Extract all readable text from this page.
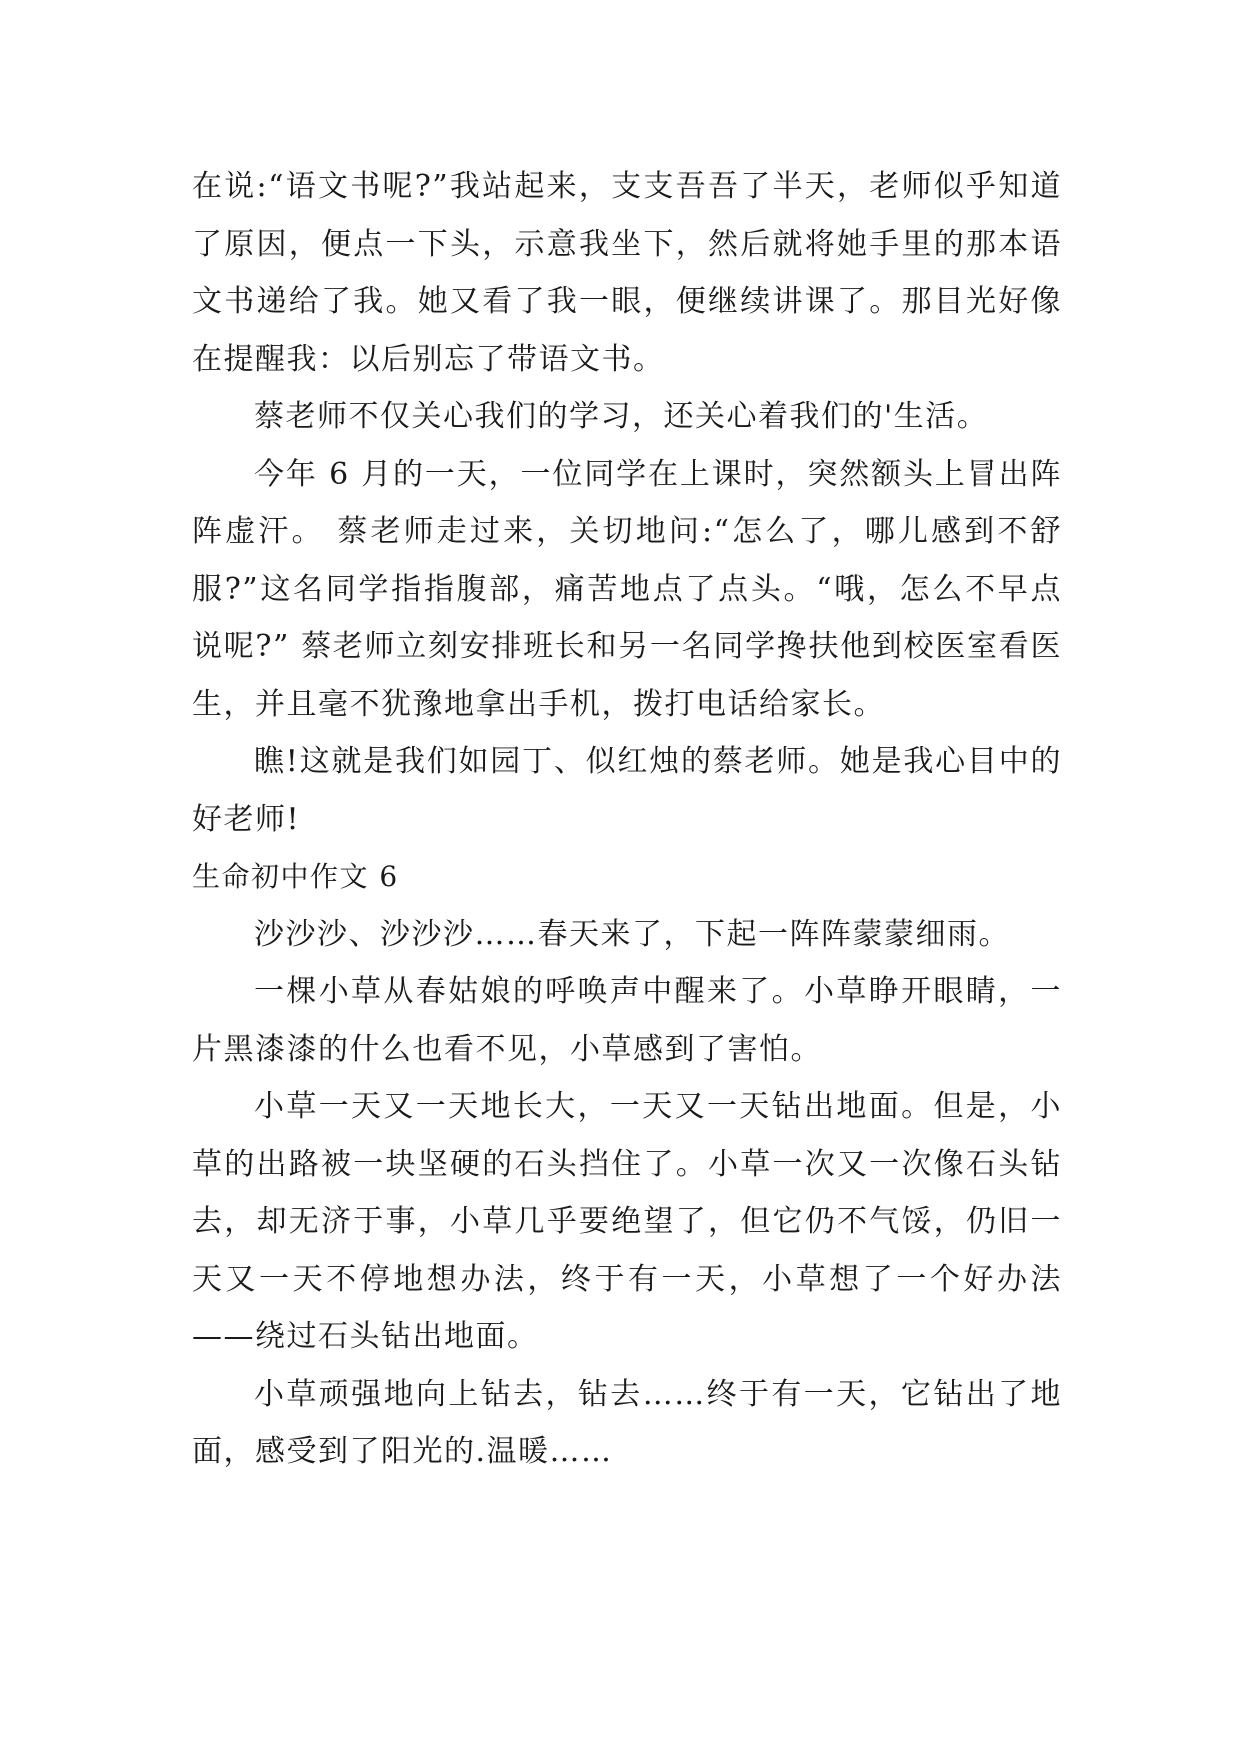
在说:“语文书呢?”我站起来，支支吾吾了半天，老师似乎知道了原因，便点一下头，示意我坐下，然后就将她手里的那本语文书递给了我。她又看了我一眼，便继续讲课了。那目光好像在提醒我：以后别忘了带语文书。

蔡老师不仅关心我们的学习，还关心着我们的'生活。

今年 6 月的一天，一位同学在上课时，突然额头上冒出阵阵虚汗。 蔡老师走过来，关切地问:“怎么了，哪儿感到不舒服?”这名同学指指腹部，痛苦地点了点头。“哦，怎么不早点说呢?” 蔡老师立刻安排班长和另一名同学搀扶他到校医室看医生，并且毫不犹豫地拿出手机，拨打电话给家长。

瞧!这就是我们如园丁、似红烛的蔡老师。她是我心目中的好老师!

生命初中作文 6

沙沙沙、沙沙沙……春天来了，下起一阵阵蒙蒙细雨。

一棵小草从春姑娘的呼唤声中醒来了。小草睁开眼睛，一片黑漆漆的什么也看不见，小草感到了害怕。

小草一天又一天地长大，一天又一天钻出地面。但是，小草的出路被一块坚硬的石头挡住了。小草一次又一次像石头钻去，却无济于事，小草几乎要绝望了，但它仍不气馁，仍旧一天又一天不停地想办法，终于有一天，小草想了一个好办法——绕过石头钻出地面。

小草顽强地向上钻去，钻去……终于有一天，它钻出了地面，感受到了阳光的.温暖……
